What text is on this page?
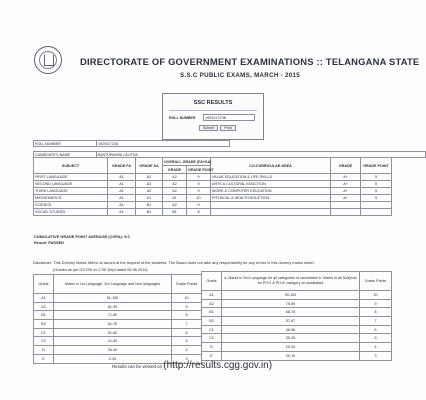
DIRECTORATE OF GOVERNMENT EXAMINATIONS :: TELANGANA STATE
S.S.C PUBLIC EXAMS, MARCH - 2015
SSC RESULTS
ROLL NUMBER	1929117238
Submit	Print
ROLL NUMBER	1929117238
CANDIDATE'S NAME	BANTUPAVANI LALITHA
SUBJECT	GRADE FA	GRADE SA	OVERALL GRADE (FA+SA)		CO-CURRICULAR AREA	GRADE	GRADE POINT
			GRADE	GRADE POINT			
FIRST LANGUAGE	A1	A2	A2	9	VALUE EDUCATION & LIFE SKILLS	A+	5
SECOND LANGUAGE	A1	A2	A2	9	ARTS & CULTURAL EDUCTION	A+	5
THIRD LANGUAGE	A1	A2	A2	9	WORK & COMPUTER EDUCATION	A+	5
MATHEMATICS	A1	A1	A1	10	PHYSICAL & HEALTH EDUCTION	A+	5
SCIENCE	A1	B1	A2	9			
SOCIAL STUDIES	A1	B1	B1	8			
CUMULATIVE GRADE POINT AVERAGE (CGPA): 9.0
Result: PASSED
Disclaimer: This Dummy Marks Memo is issued at the request of the students. The Board does not take any responsibility for any errors in this dummy marks sheet.
(Grades as per GO MS no 2 SE Dept dated 05.06.2014)
Grade	Marks in 1st Language, 3rd Language and Non languages	Grade Points
A1	91-100	10
A2	81-90	9
B1	71-80	8
B2	61-70	7
C1	51-60	6
C2	41-50	5
D	35-40	4
E	0-34	3
Grade	a. Marks in 2nd Language for all categories of candidates b. Marks in all Subjects for PH-II & PH-III category of candidates	Grade Points
A1	90-100	10
A2	79-89	9
B1	68-78	8
B2	57-67	7
C1	46-56	6
C2	35-45	5
D	20-34	4
E	00-19	3
Results can be viewed on (http://results.cgg.gov.in)
